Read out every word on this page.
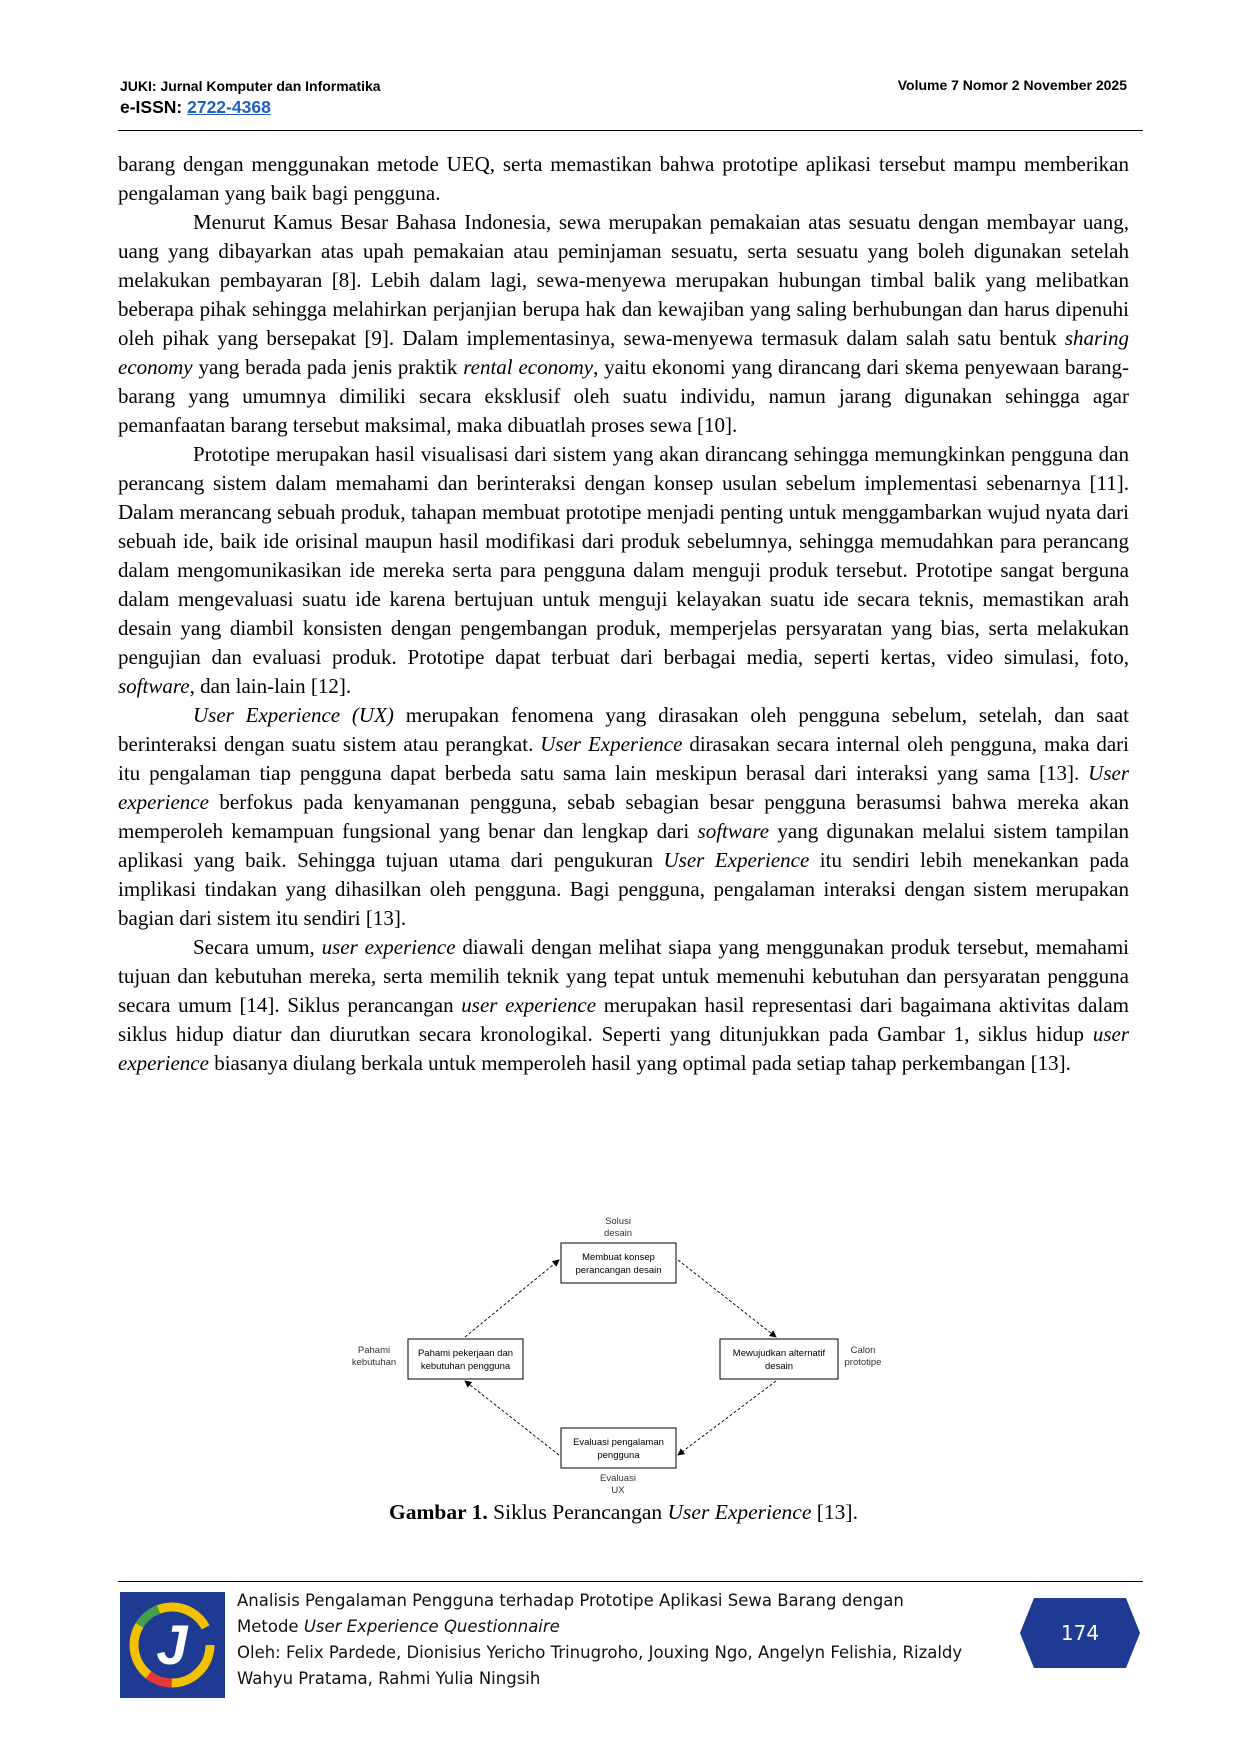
JUKI: Jurnal Komputer dan Informatika
e-ISSN: 2722-4368
Volume 7 Nomor 2 November 2025

barang dengan menggunakan metode UEQ, serta memastikan bahwa prototipe aplikasi tersebut mampu memberikan pengalaman yang baik bagi pengguna.

Menurut Kamus Besar Bahasa Indonesia, sewa merupakan pemakaian atas sesuatu dengan membayar uang, uang yang dibayarkan atas upah pemakaian atau peminjaman sesuatu, serta sesuatu yang boleh digunakan setelah melakukan pembayaran [8]. Lebih dalam lagi, sewa-menyewa merupakan hubungan timbal balik yang melibatkan beberapa pihak sehingga melahirkan perjanjian berupa hak dan kewajiban yang saling berhubungan dan harus dipenuhi oleh pihak yang bersepakat [9]. Dalam implementasinya, sewa-menyewa termasuk dalam salah satu bentuk sharing economy yang berada pada jenis praktik rental economy, yaitu ekonomi yang dirancang dari skema penyewaan barang-barang yang umumnya dimiliki secara eksklusif oleh suatu individu, namun jarang digunakan sehingga agar pemanfaatan barang tersebut maksimal, maka dibuatlah proses sewa [10].

Prototipe merupakan hasil visualisasi dari sistem yang akan dirancang sehingga memungkinkan pengguna dan perancang sistem dalam memahami dan berinteraksi dengan konsep usulan sebelum implementasi sebenarnya [11]. Dalam merancang sebuah produk, tahapan membuat prototipe menjadi penting untuk menggambarkan wujud nyata dari sebuah ide, baik ide orisinal maupun hasil modifikasi dari produk sebelumnya, sehingga memudahkan para perancang dalam mengomunikasikan ide mereka serta para pengguna dalam menguji produk tersebut. Prototipe sangat berguna dalam mengevaluasi suatu ide karena bertujuan untuk menguji kelayakan suatu ide secara teknis, memastikan arah desain yang diambil konsisten dengan pengembangan produk, memperjelas persyaratan yang bias, serta melakukan pengujian dan evaluasi produk. Prototipe dapat terbuat dari berbagai media, seperti kertas, video simulasi, foto, software, dan lain-lain [12].

User Experience (UX) merupakan fenomena yang dirasakan oleh pengguna sebelum, setelah, dan saat berinteraksi dengan suatu sistem atau perangkat. User Experience dirasakan secara internal oleh pengguna, maka dari itu pengalaman tiap pengguna dapat berbeda satu sama lain meskipun berasal dari interaksi yang sama [13]. User experience berfokus pada kenyamanan pengguna, sebab sebagian besar pengguna berasumsi bahwa mereka akan memperoleh kemampuan fungsional yang benar dan lengkap dari software yang digunakan melalui sistem tampilan aplikasi yang baik. Sehingga tujuan utama dari pengukuran User Experience itu sendiri lebih menekankan pada implikasi tindakan yang dihasilkan oleh pengguna. Bagi pengguna, pengalaman interaksi dengan sistem merupakan bagian dari sistem itu sendiri [13].

Secara umum, user experience diawali dengan melihat siapa yang menggunakan produk tersebut, memahami tujuan dan kebutuhan mereka, serta memilih teknik yang tepat untuk memenuhi kebutuhan dan persyaratan pengguna secara umum [14]. Siklus perancangan user experience merupakan hasil representasi dari bagaimana aktivitas dalam siklus hidup diatur dan diurutkan secara kronologikal. Seperti yang ditunjukkan pada Gambar 1, siklus hidup user experience biasanya diulang berkala untuk memperoleh hasil yang optimal pada setiap tahap perkembangan [13].

Solusi
desain
Pahami
kebutuhan
Calon
prototipe
Evaluasi
UX
Membuat konsep
perancangan desain
Pahami pekerjaan dan
kebutuhan pengguna
Mewujudkan alternatif
desain
Evaluasi pengalaman
pengguna
Gambar 1. Siklus Perancangan User Experience [13].
J
Analisis Pengalaman Pengguna terhadap Prototipe Aplikasi Sewa Barang dengan
Metode User Experience Questionnaire
Oleh: Felix Pardede, Dionisius Yericho Trinugroho, Jouxing Ngo, Angelyn Felishia, Rizaldy
Wahyu Pratama, Rahmi Yulia Ningsih
174
